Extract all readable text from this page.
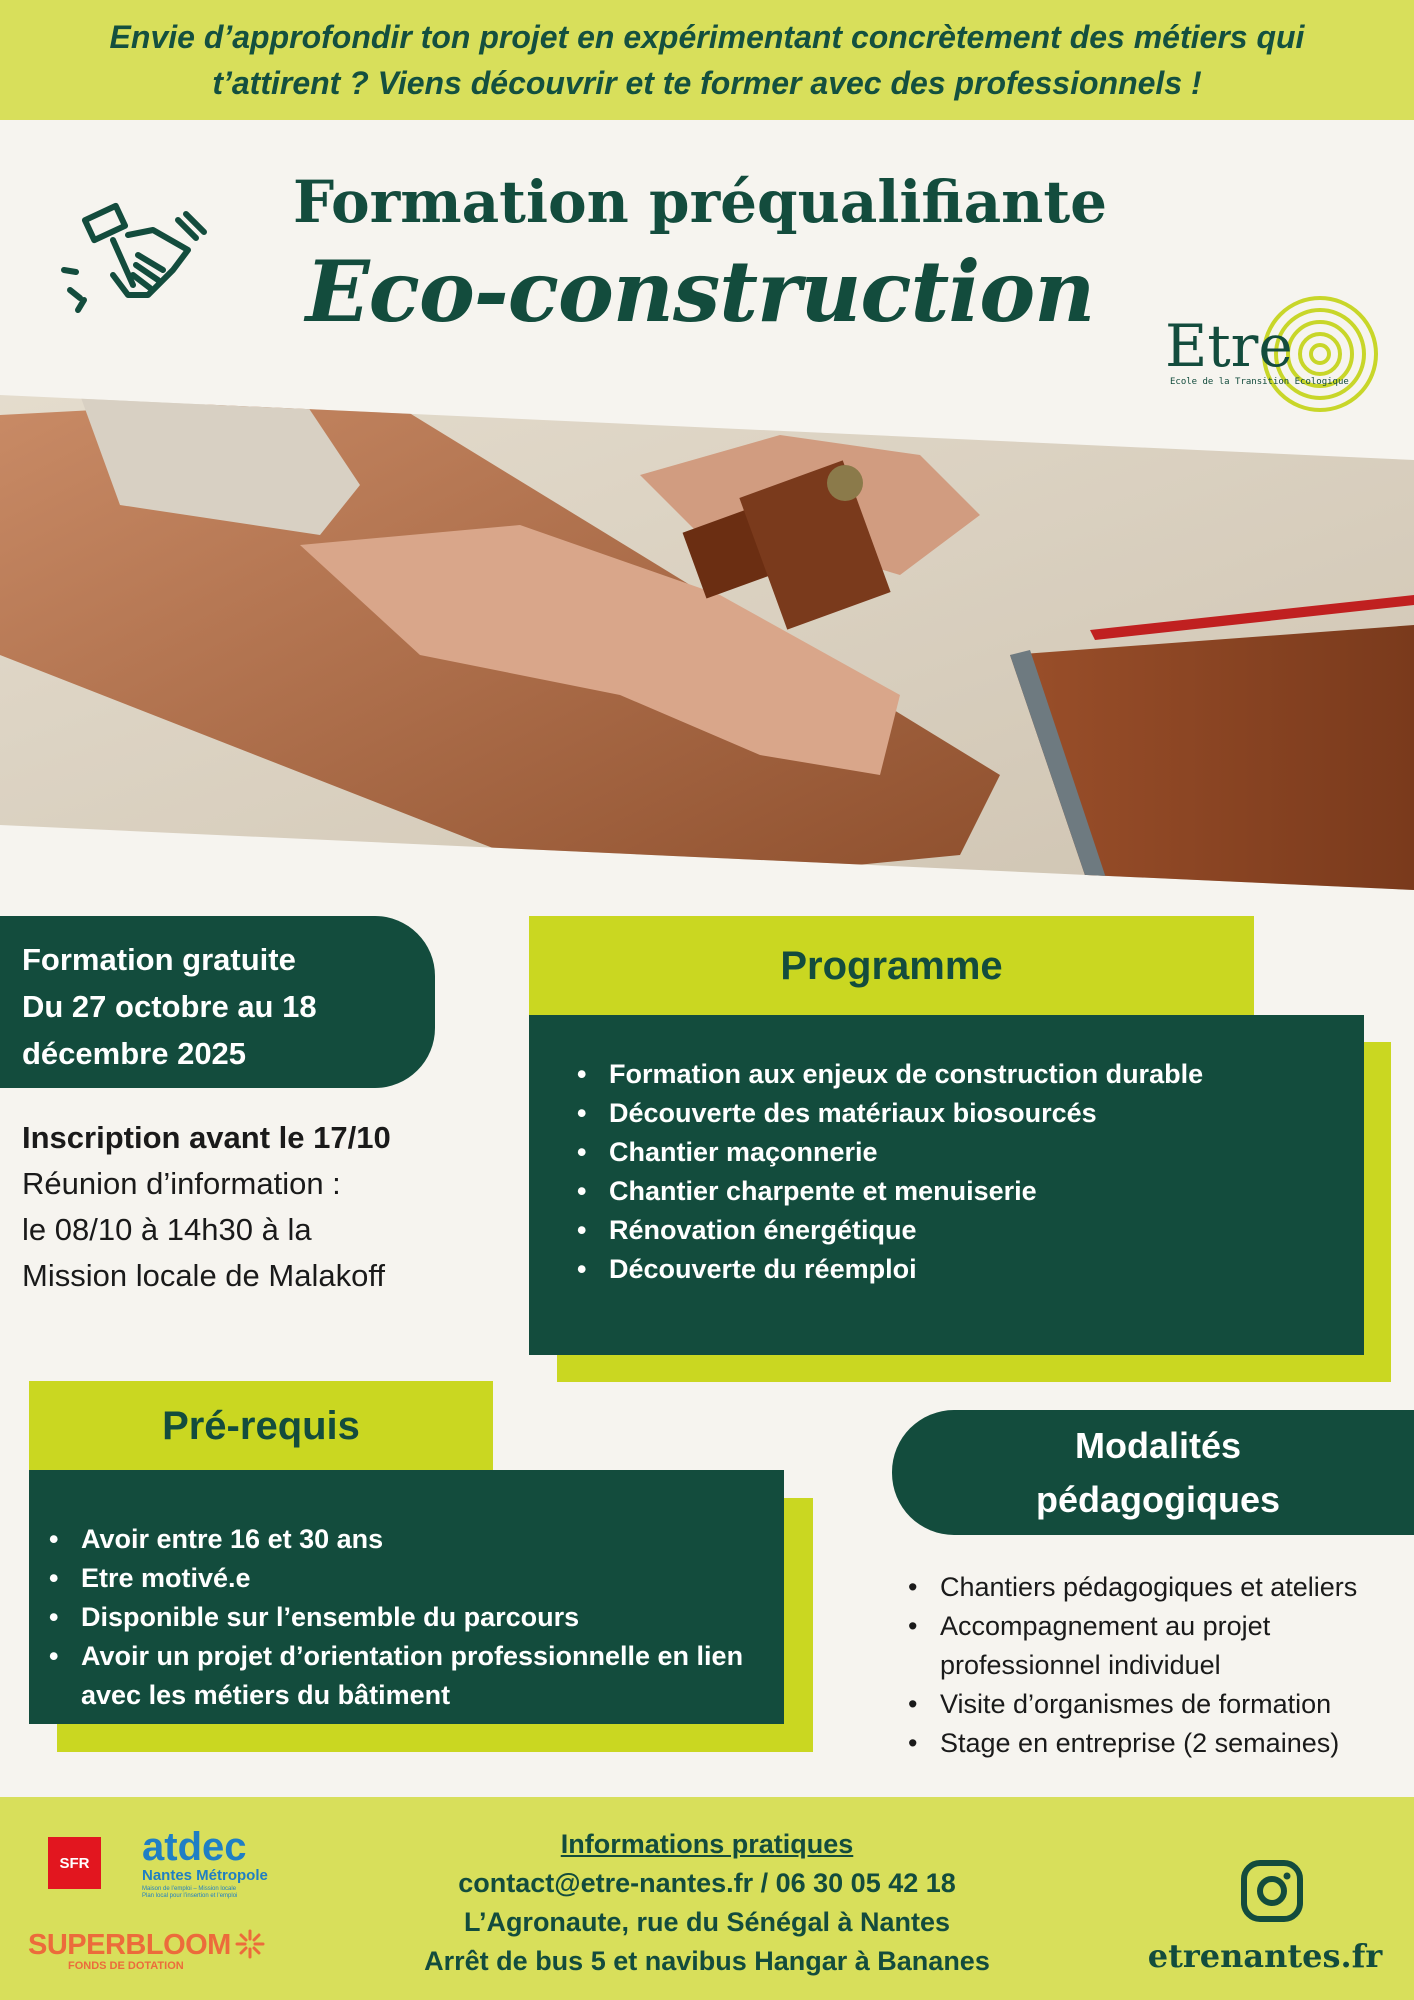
Envie d’approfondir ton projet en expérimentant concrètement des métiers qui t’attirent ? Viens découvrir et te former avec des professionnels !

Formation préqualifiante
Eco-construction
Etre
Ecole de la Transition Ecologique
Formation gratuite
Du 27 octobre au 18
décembre 2025
Inscription avant le 17/10
Réunion d’information :
le 08/10 à 14h30 à la
Mission locale de Malakoff
Programme
• Formation aux enjeux de construction durable
• Découverte des matériaux biosourcés
• Chantier maçonnerie
• Chantier charpente et menuiserie
• Rénovation énergétique
• Découverte du réemploi
Pré-requis
• Avoir entre 16 et 30 ans
• Etre motivé.e
• Disponible sur l’ensemble du parcours
• Avoir un projet d’orientation professionnelle en lien avec les métiers du bâtiment
Modalités
pédagogiques
• Chantiers pédagogiques et ateliers
• Accompagnement au projet professionnel individuel
• Visite d’organismes de formation
• Stage en entreprise (2 semaines)
SFR atdec
Nantes Métropole
Maison de l’emploi – Mission locale
Plan local pour l’insertion et l’emploi
SUPERBLOOM
FONDS DE DOTATION
Informations pratiques
contact@etre-nantes.fr / 06 30 05 42 18
L’Agronaute, rue du Sénégal à Nantes
Arrêt de bus 5 et navibus Hangar à Bananes	etrenantes.fr
